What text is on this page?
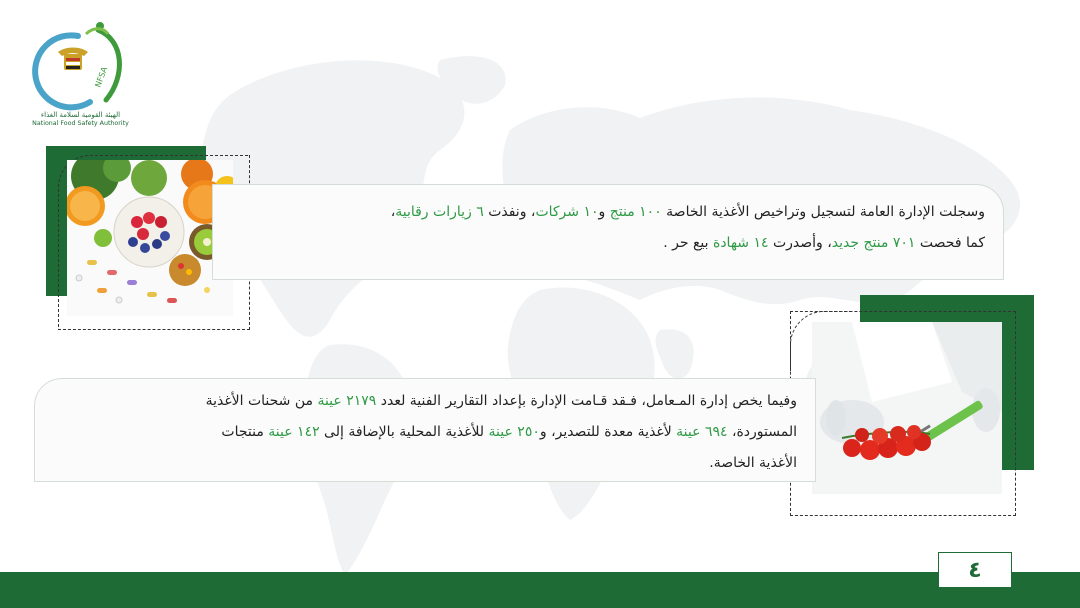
NFSA
الهيئة القومية لسلامة الغذاء
National Food Safety Authority
وسجلت الإدارة العامة لتسجيل وتراخيص الأغذية الخاصة ١٠٠ منتج و١٠ شركات، ونفذت ٦ زيارات رقابية،
كما فحصت ٧٠١ منتج جديد، وأصدرت ١٤ شهادة بيع حر .
وفيما يخص إدارة المـعامل، فـقد قـامت الإدارة بإعداد التقارير الفنية لعدد ٢١٧٩ عينة من شحنات الأغذية
المستوردة، ٦٩٤ عينة لأغذية معدة للتصدير، و٢٥٠ عينة للأغذية المحلية بالإضافة إلى ١٤٢ عينة منتجات
الأغذية الخاصة.
٤
